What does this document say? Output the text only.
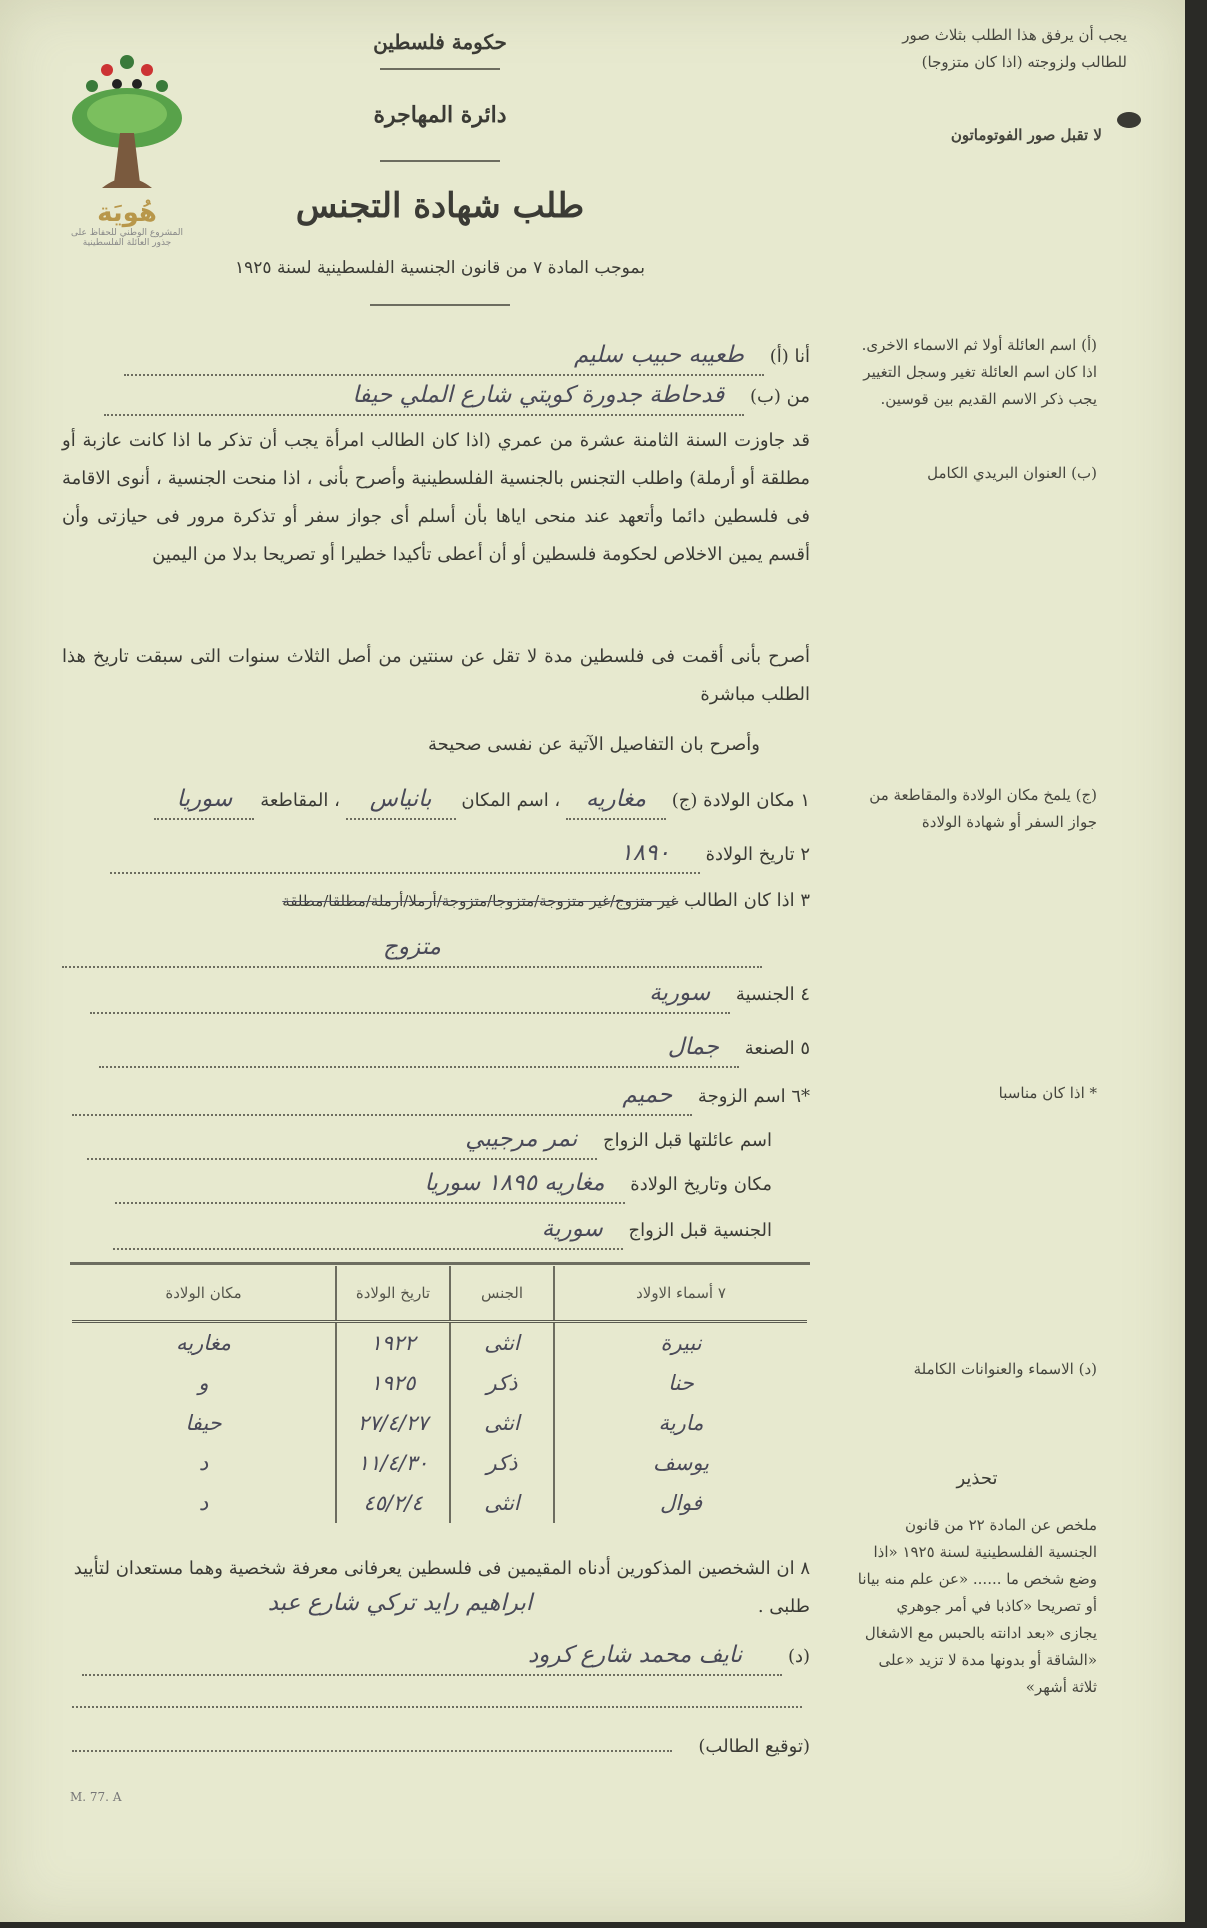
هُويَة
المشروع الوطني للحفاظ على
جذور العائلة الفلسطينية
حكومة فلسطين
دائرة المهاجرة
طلب شهادة التجنس
بموجب المادة ٧ من قانون الجنسية الفلسطينية لسنة ١٩٢٥
يجب أن يرفق هذا الطلب بثلاث صور للطالب ولزوجته (اذا كان متزوجا)
لا تقبل صور الفوتوماتون
(أ) اسم العائلة أولا ثم الاسماء الاخرى. اذا كان اسم العائلة تغير وسجل التغيير يجب ذكر الاسم القديم بين قوسين.
(ب) العنوان البريدي الكامل
(ج) يلمخ مكان الولادة والمقاطعة من جواز السفر أو شهادة الولادة
* اذا كان مناسبا
(د) الاسماء والعنوانات الكاملة
تحذير
ملخص عن المادة ٢٢ من قانون الجنسية الفلسطينية لسنة ١٩٢٥ «اذا وضع شخص ما ...... «عن علم منه بيانا أو تصريحا «كاذبا في أمر جوهري يجازى «بعد ادانته بالحبس مع الاشغال «الشاقة أو بدونها مدة لا تزيد «على ثلاثة أشهر»
أنا (أ) طعيبه حبيب سليم
من (ب) قدحاطة جدورة كويتي شارع الملي حيفا
قد جاوزت السنة الثامنة عشرة من عمري (اذا كان الطالب امرأة يجب أن تذكر ما اذا كانت عازبة أو مطلقة أو أرملة) واطلب التجنس بالجنسية الفلسطينية وأصرح بأنى ، اذا منحت الجنسية ، أنوى الاقامة فى فلسطين دائما وأتعهد عند منحى اياها بأن أسلم أى جواز سفر أو تذكرة مرور فى حيازتى وأن أقسم يمين الاخلاص لحكومة فلسطين أو أن أعطى تأكيدا خطيرا أو تصريحا بدلا من اليمين
أصرح بأنى أقمت فى فلسطين مدة لا تقل عن سنتين من أصل الثلاث سنوات التى سبقت تاريخ هذا الطلب مباشرة
وأصرح بان التفاصيل الآتية عن نفسى صحيحة
١ مكان الولادة (ج) مغاريه ، اسم المكان بانياس ، المقاطعة سوريا
٢ تاريخ الولادة ١٨٩٠
٣ اذا كان الطالب غير متزوج/غير متزوجة/متزوجا/متزوجة/أرملا/أرملة/مطلقا/مطلقة
متزوج
٤ الجنسية سورية
٥ الصنعة جمال
*٦ اسم الزوجة حميم
اسم عائلتها قبل الزواج نمر مرجيبي
مكان وتاريخ الولادة مغاريه ١٨٩٥ سوريا
الجنسية قبل الزواج سورية
٧ أسماء الاولاد	الجنس	تاريخ الولادة	مكان الولادة
نبيرة	انثى	١٩٢٢	مغاريه
حنا	ذكر	١٩٢٥	و
مارية	انثى	٢٧/٤/٢٧	حيفا
يوسف	ذكر	١١/٤/٣٠	د
فوال	انثى	٤٥/٢/٤	د
٨ ان الشخصين المذكورين أدناه المقيمين فى فلسطين يعرفانى معرفة شخصية وهما مستعدان لتأييد طلبى .
ابراهيم رايد تركي شارع عبد
(د) نايف محمد شارع كرود
(توقيع الطالب)
M. 77. A
